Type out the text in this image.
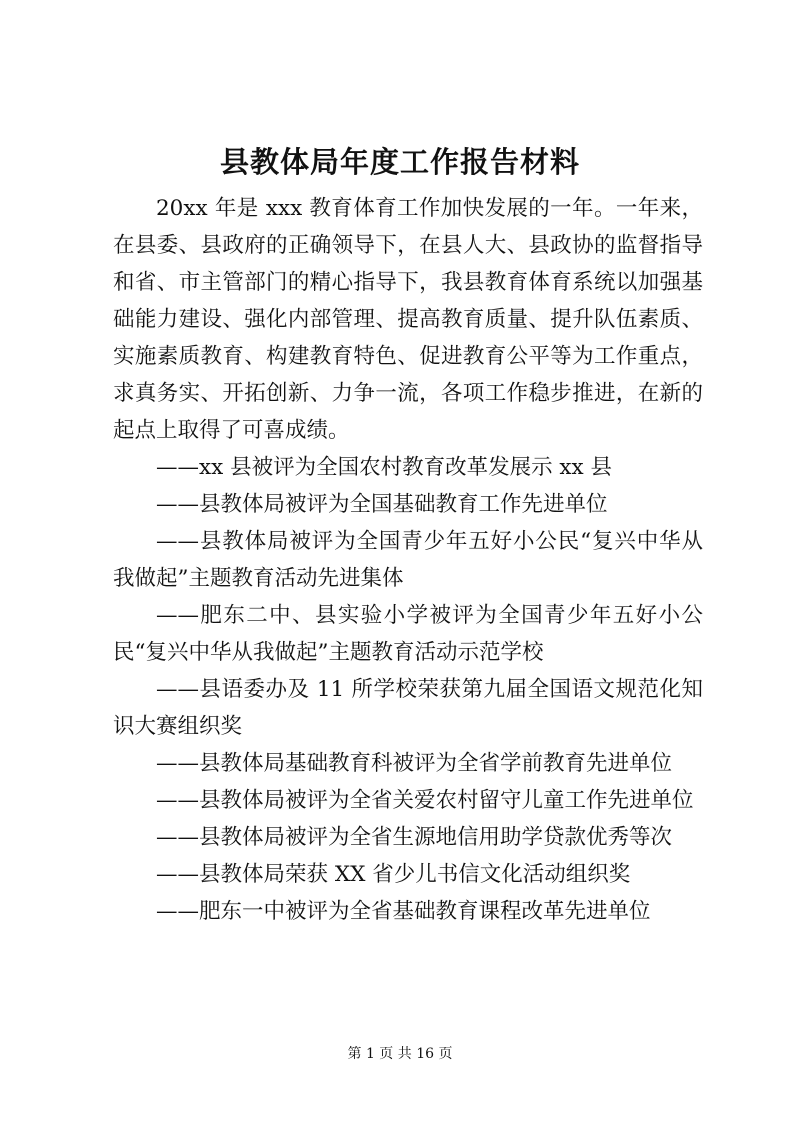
县教体局年度工作报告材料

20xx 年是 xxx 教育体育工作加快发展的一年。一年来，在县委、县政府的正确领导下，在县人大、县政协的监督指导和省、市主管部门的精心指导下，我县教育体育系统以加强基础能力建设、强化内部管理、提高教育质量、提升队伍素质、实施素质教育、构建教育特色、促进教育公平等为工作重点，求真务实、开拓创新、力争一流，各项工作稳步推进，在新的起点上取得了可喜成绩。

——xx 县被评为全国农村教育改革发展示 xx 县

——县教体局被评为全国基础教育工作先进单位

——县教体局被评为全国青少年五好小公民“复兴中华从我做起”主题教育活动先进集体

——肥东二中、县实验小学被评为全国青少年五好小公民“复兴中华从我做起”主题教育活动示范学校

——县语委办及 11 所学校荣获第九届全国语文规范化知识大赛组织奖

——县教体局基础教育科被评为全省学前教育先进单位

——县教体局被评为全省关爱农村留守儿童工作先进单位

——县教体局被评为全省生源地信用助学贷款优秀等次

——县教体局荣获 XX 省少儿书信文化活动组织奖

——肥东一中被评为全省基础教育课程改革先进单位

第 1 页 共 16 页
